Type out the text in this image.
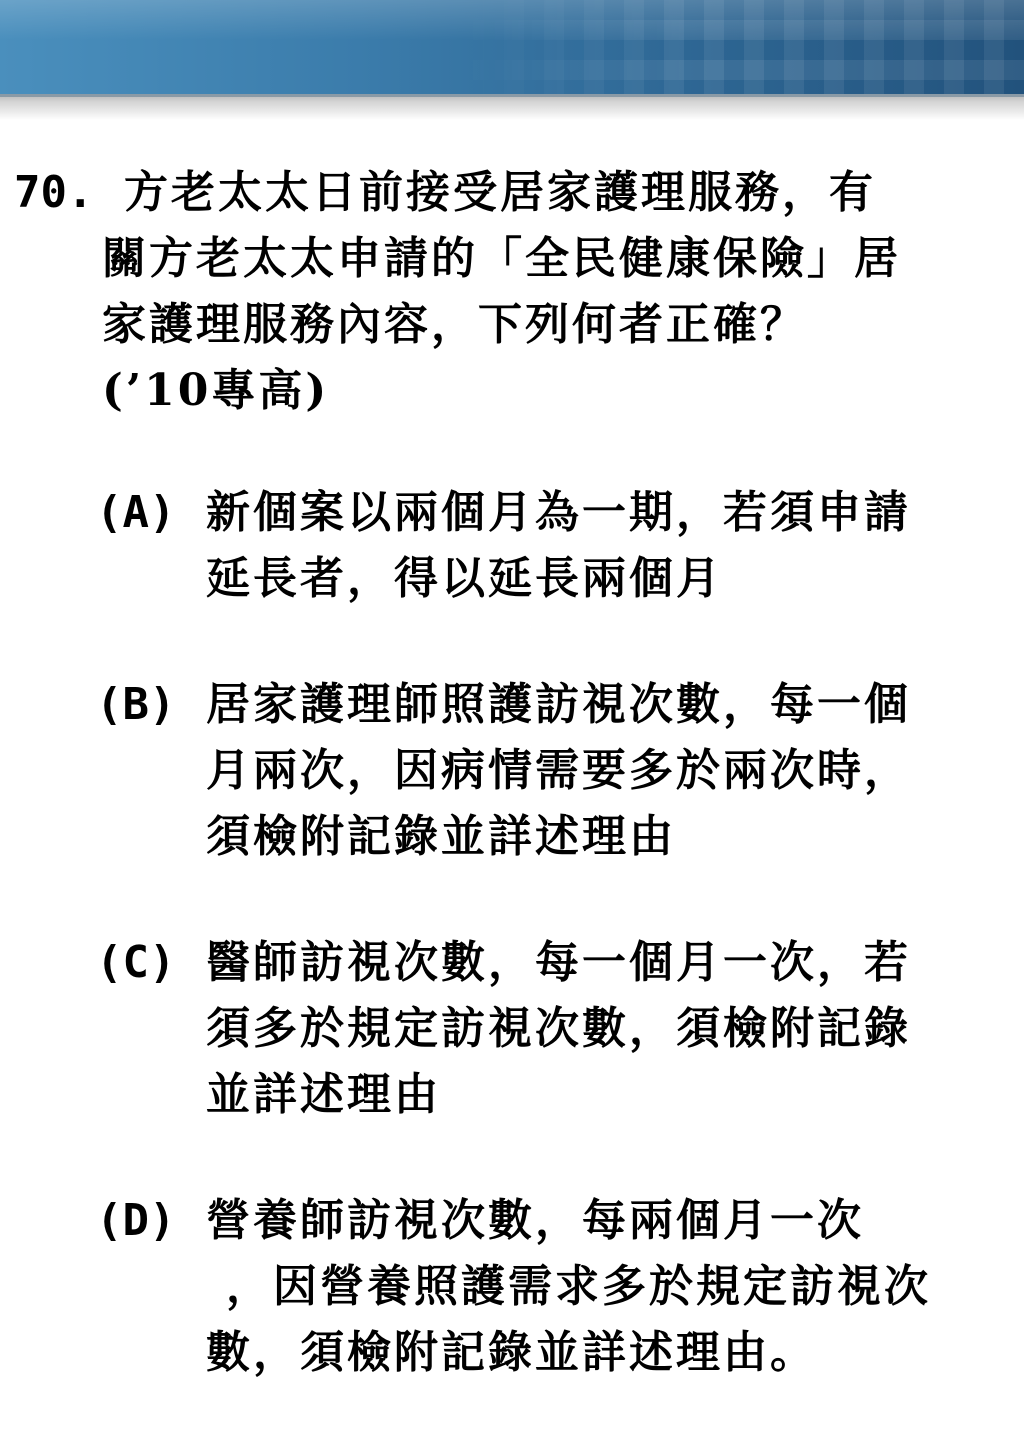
70. 方老太太日前接受居家護理服務，有
關方老太太申請的「全民健康保險」居
家護理服務內容，下列何者正確？
(’10專高)
(A) 新個案以兩個月為一期，若須申請
延長者，得以延長兩個月
(B) 居家護理師照護訪視次數，每一個
月兩次，因病情需要多於兩次時，
須檢附記錄並詳述理由
(C) 醫師訪視次數，每一個月一次，若
須多於規定訪視次數，須檢附記錄
並詳述理由
(D) 營養師訪視次數，每兩個月一次
，因營養照護需求多於規定訪視次
數，須檢附記錄並詳述理由。
